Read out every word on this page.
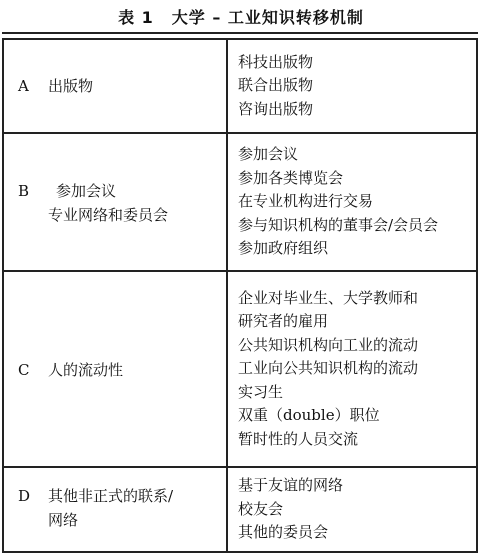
表 1 大学 – 工业知识转移机制
A 出版物
科技出版物
联合出版物
咨询出版物
B	参加会议
专业网络和委员会
参加会议
参加各类博览会
在专业机构进行交易
参与知识机构的董事会/会员会
参加政府组织
C 人的流动性
企业对毕业生、大学教师和
研究者的雇用
公共知识机构向工业的流动
工业向公共知识机构的流动
实习生
双重（double）职位
暂时性的人员交流
D 其他非正式的联系/
网络
基于友谊的网络
校友会
其他的委员会
